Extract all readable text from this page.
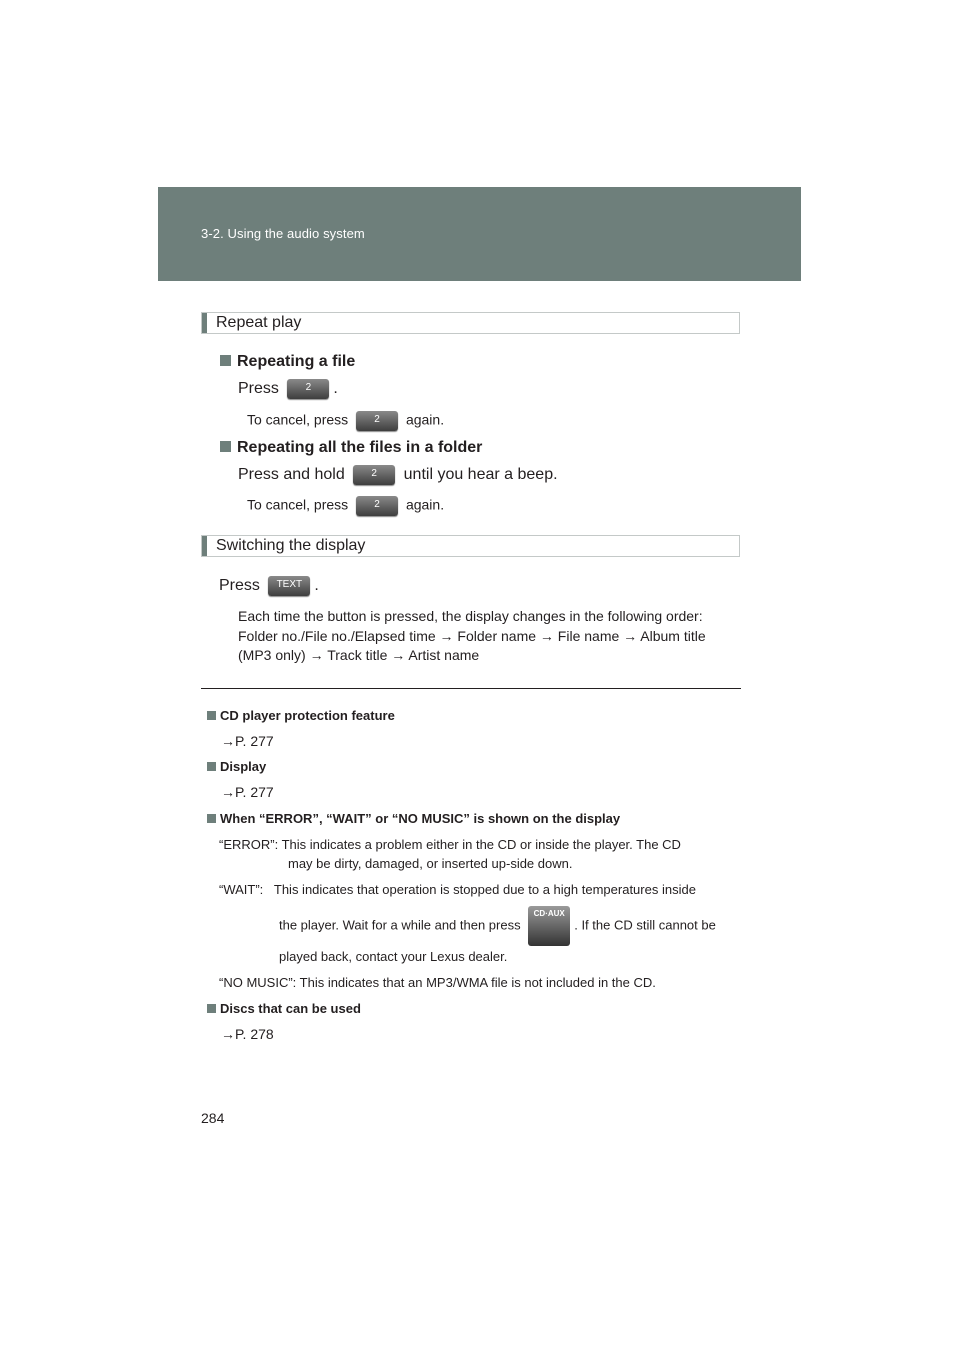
3-2. Using the audio system
Repeat play
Repeating a file
Press	2 .
To cancel, press	2 again.
Repeating all the files in a folder
Press and hold	2 until you hear a beep.
To cancel, press	2 again.
Switching the display
Press TEXT .
Each time the button is pressed, the display changes in the following order:
Folder no./File no./Elapsed time → Folder name → File name → Album title
(MP3 only) → Track title → Artist name
CD player protection feature
→P. 277
Display
→P. 277
When “ERROR”, “WAIT” or “NO MUSIC” is shown on the display
“ERROR”: This indicates a problem either in the CD or inside the player. The CD
may be dirty, damaged, or inserted up-side down.
“WAIT”:   This indicates that operation is stopped due to a high temperatures inside
the player. Wait for a while and then press CD·AUX. If the CD still cannot be
played back, contact your Lexus dealer.
“NO MUSIC”: This indicates that an MP3/WMA file is not included in the CD.
Discs that can be used
→P. 278
284
